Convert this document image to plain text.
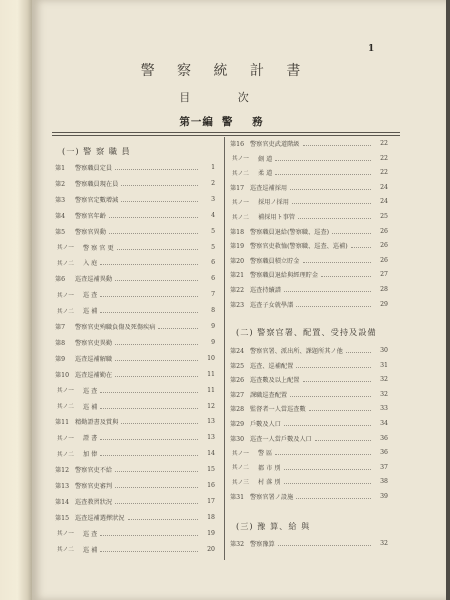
1
警 察 統 計 書
目 次
第一編 警 務
(一) 警 察 職 員
第1	警察職員定員	1
第2	警察職員現在員	2
第3	警察官定數增減	3
第4	警察官年齡	4
第5	警察官異動	5
其ノ一	警 察 官 更	5
其ノ二	入 庭	6
第6	巡査巡補異動	6
其ノ一	巡 查	7
其ノ二	巡 補	8
第7	警察官吏殉職負傷及死傷疾病	9
第8	警察官吏異勤	9
第9	巡査巡補解職	10
第10 巡査巡補勤在	11
其ノ一	巡 查	11
其ノ二	巡 補	12
第11 精勤證書及賞與	13
其ノ一	證 書	13
其ノ二	加 俸	14
第12 警察官吏不給	15
第13 警察官吏審判	16
第14 巡查教習狀況	17
第15 巡查巡補選擇狀況	18
其ノ一	巡 查	19
其ノ二	巡 補	20
第16 警察官吏武道階級	22
其ノ一	劍 道	22
其ノ二	柔 道	22
第17 巡查巡補採用	24
其ノ一	採用ノ採用	24
其ノ二	補採用ト事管	25
第18 警察職員退給(警察職、巡查)	26
第19 警察官吏救恤(警察職、巡查、巡補)	26
第20 警察職員積立貯金	26
第21 警察職員退給與經理貯金	27
第22 巡查持續譜	28
第23 巡查子女就學譜	29
(二) 警察官署、配置、受持及設備
第24 警察官署、派出所、課題所其ノ他	30
第25 巡查、巡補配置	31
第26 巡查數及以上配置	32
第27 課職巡查配置	32
第28 監督者一人當巡查數	33
第29 戶數及人口	34
第30 巡查一人當戶數及人口	36
其ノ一	警 區	36
其ノ二	都 市 別	37
其ノ三	村 落 別	38
第31 警察官署ノ設施	39
(三) 豫 算、給 與
第32 警察豫算	32
